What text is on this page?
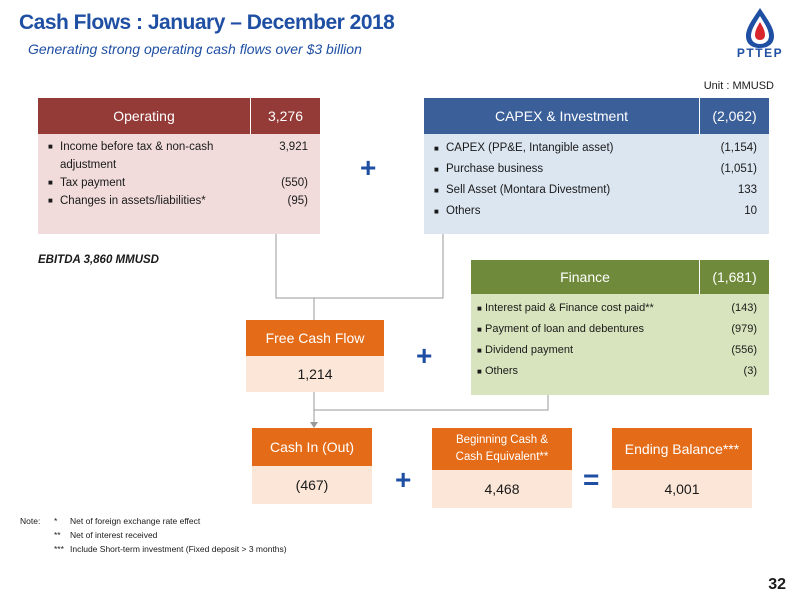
Cash Flows : January – December 2018
Generating strong operating cash flows over $3 billion	PTTEP
Unit : MMUSD
Operating	3,276
■ Income before tax & non-cash adjustment
3,921
■ Tax payment	(550)
■ Changes in assets/liabilities*	(95)
CAPEX & Investment	(2,062)
■ CAPEX (PP&E, Intangible asset)	(1,154)
■ Purchase business	(1,051)
■ Sell Asset (Montara Divestment)	133
■ Others	10
+
EBITDA 3,860 MMUSD
Finance	(1,681)
■ Interest paid & Finance cost paid**	(143)
■ Payment of loan and debentures	(979)
■ Dividend payment	(556)
■ Others	(3)
Free Cash Flow
1,214
+
Cash In (Out)
(467)	+
Beginning Cash &
Cash Equivalent**
4,468	=
Ending Balance***
4,001
Note:	*	Net of foreign exchange rate effect
**	Net of interest received
*** Include Short-term investment (Fixed deposit > 3 months)
32
